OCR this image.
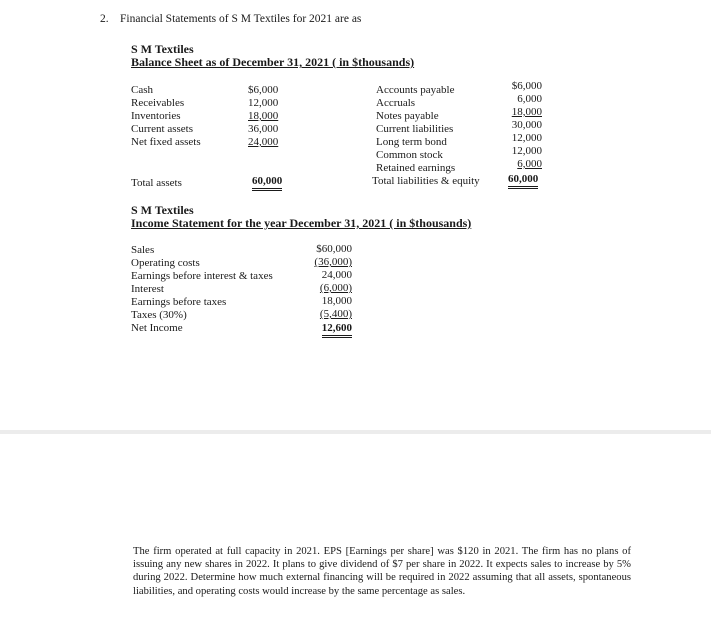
2. Financial Statements of S M Textiles for 2021 are as
S M Textiles
Balance Sheet as of December 31, 2021 ( in $thousands)
Cash
Receivables
Inventories
Current assets
Net fixed assets
$6,000
12,000
18,000
36,000
24,000
Total assets	60,000
Accounts payable
Accruals
Notes payable
Current liabilities
Long term bond
Common stock
Retained earnings
Total liabilities & equity
$6,000
6,000
18,000
30,000
12,000
12,000
6,000
60,000
S M Textiles
Income Statement for the year December 31, 2021 ( in $thousands)
Sales
Operating costs
Earnings before interest & taxes
Interest
Earnings before taxes
Taxes (30%)
Net Income
$60,000
(36,000)
24,000
(6,000)
18,000
(5,400)
12,600
The firm operated at full capacity in 2021. EPS [Earnings per share] was $120 in 2021. The firm has no plans of issuing any new shares in 2022. It plans to give dividend of $7 per share in 2022. It expects sales to increase by 5% during 2022. Determine how much external financing will be required in 2022 assuming that all assets, spontaneous liabilities, and operating costs would increase by the same percentage as sales.
